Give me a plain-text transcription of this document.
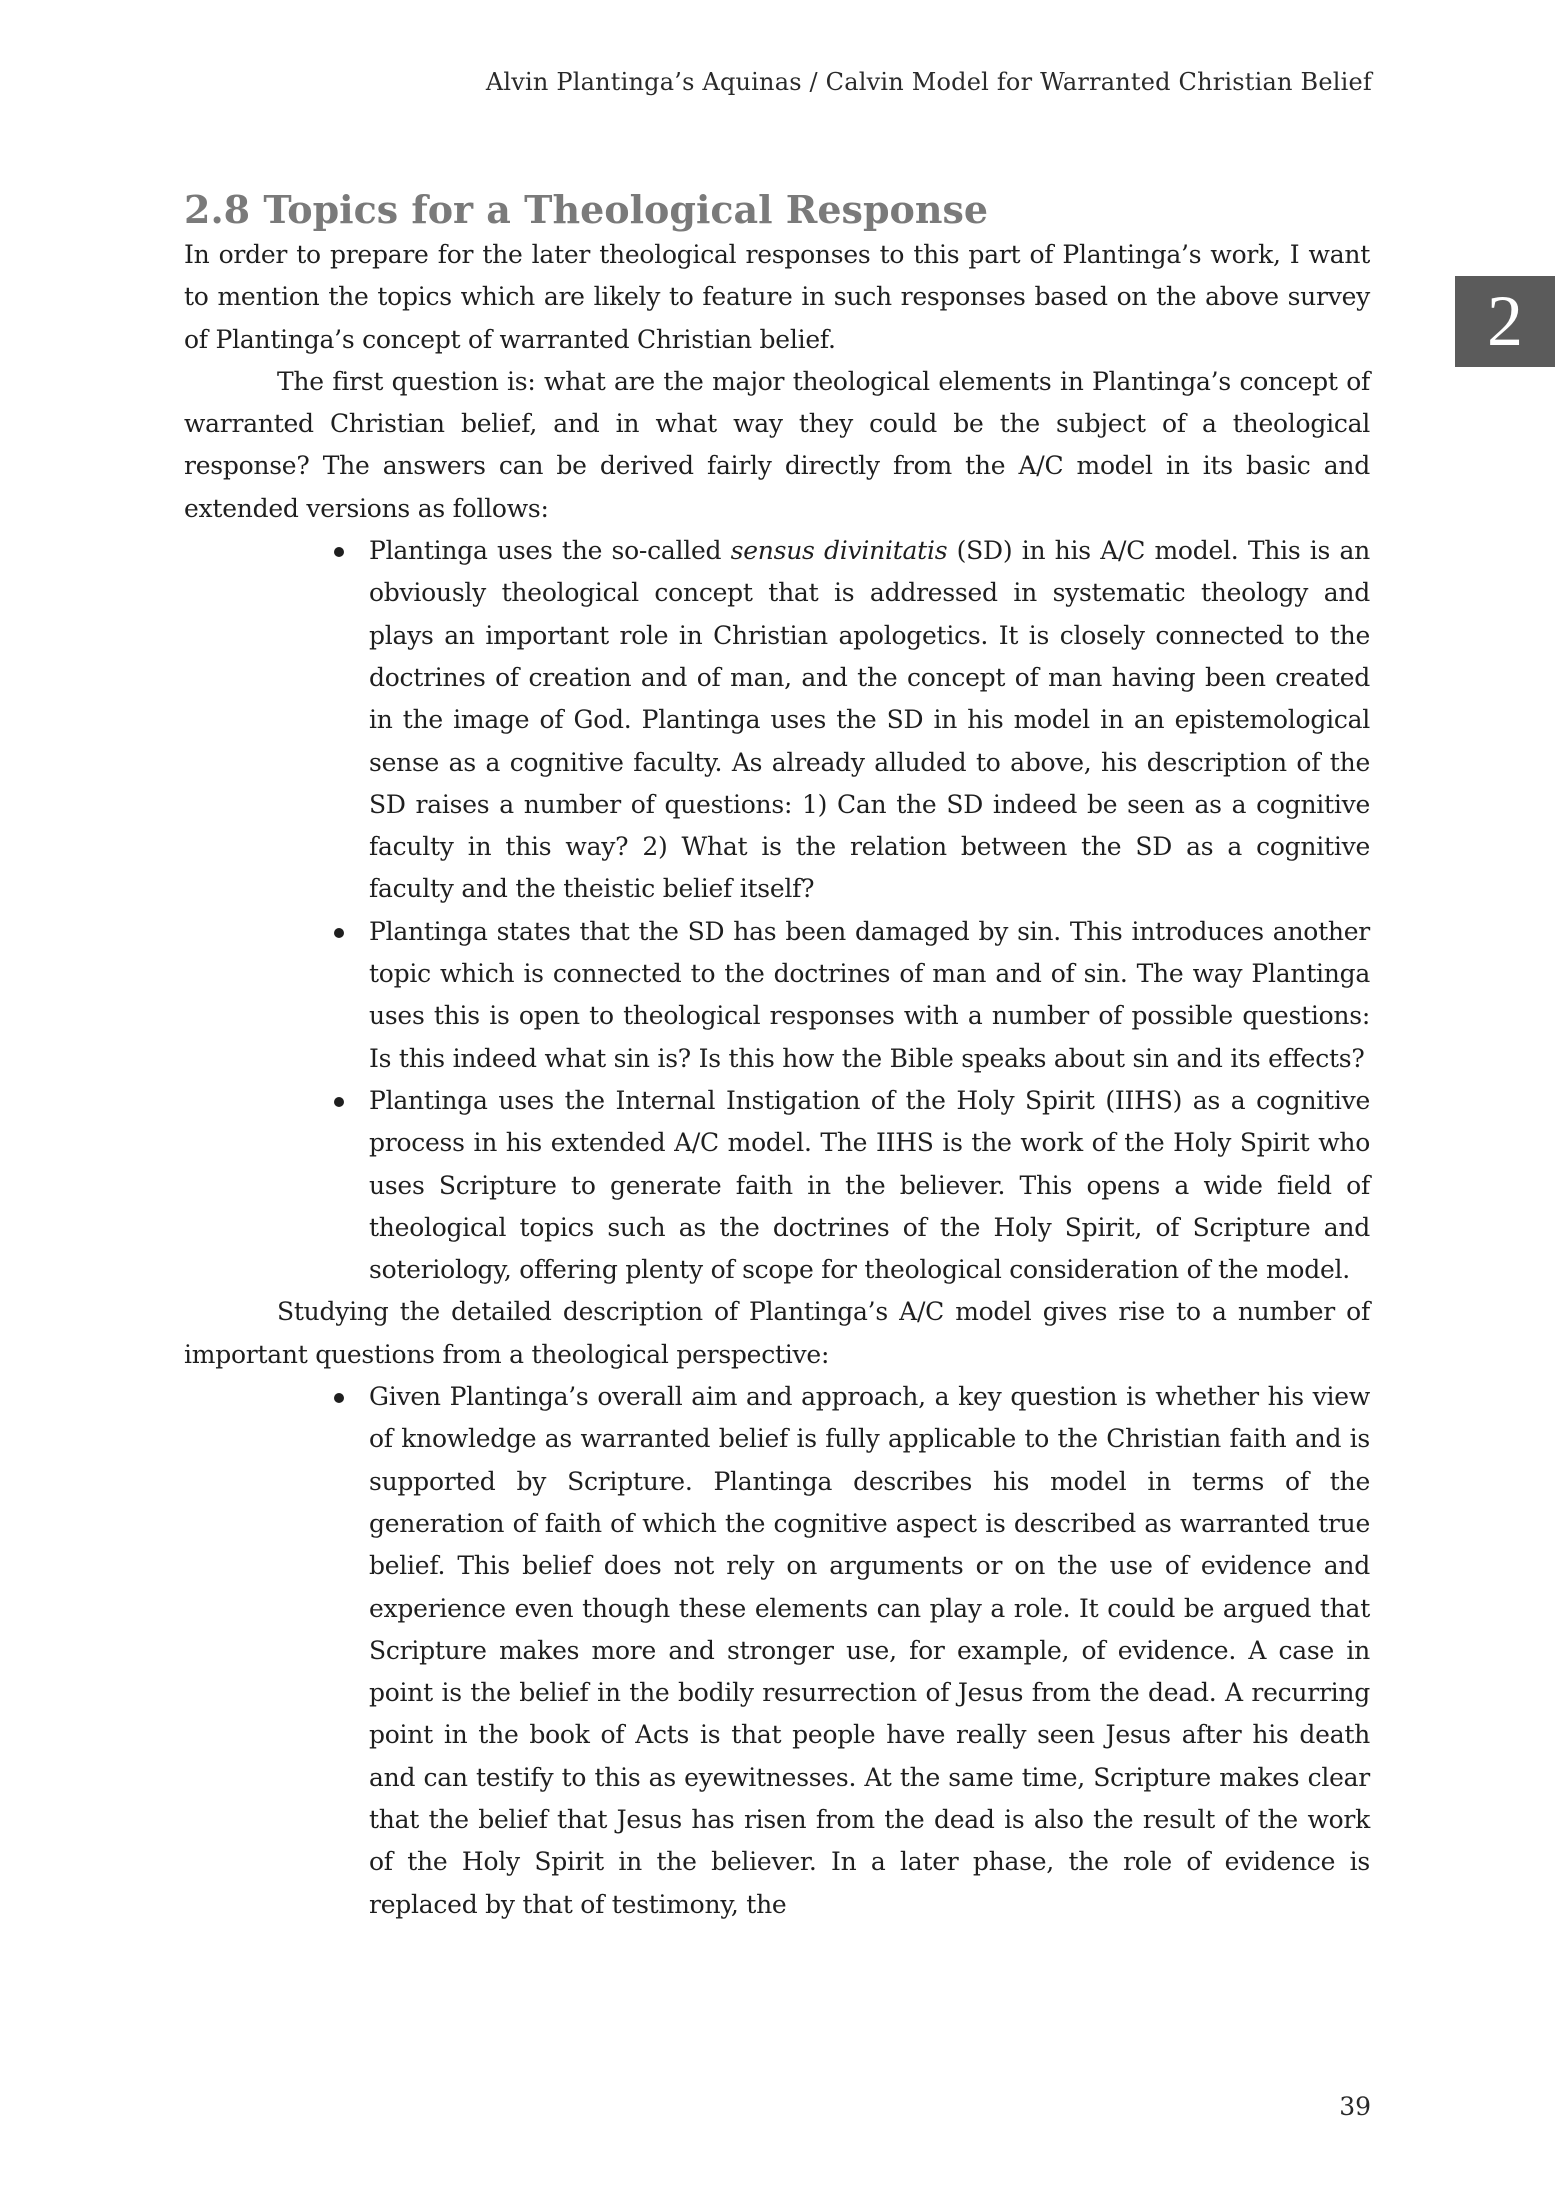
Alvin Plantinga’s Aquinas / Calvin Model for Warranted Christian Belief
2
2.8 Topics for a Theological Response

In order to prepare for the later theological responses to this part of Plantinga’s work, I want to mention the topics which are likely to feature in such responses based on the above survey of Plantinga’s concept of warranted Christian belief.

The first question is: what are the major theological elements in Plantinga’s concept of warranted Christian belief, and in what way they could be the subject of a theological response? The answers can be derived fairly directly from the A/C model in its basic and extended versions as follows:

Plantinga uses the so-called sensus divinitatis (SD) in his A/C model. This is an obviously theological concept that is addressed in systematic theology and plays an important role in Christian apologetics. It is closely connected to the doctrines of creation and of man, and the concept of man having been created in the image of God. Plantinga uses the SD in his model in an epistemological sense as a cognitive faculty. As already alluded to above, his description of the SD raises a number of questions: 1) Can the SD indeed be seen as a cognitive faculty in this way? 2) What is the relation between the SD as a cognitive faculty and the theistic belief itself?
Plantinga states that the SD has been damaged by sin. This introduces another topic which is connected to the doctrines of man and of sin. The way Plantinga uses this is open to theological responses with a number of possible questions: Is this indeed what sin is? Is this how the Bible speaks about sin and its effects?
Plantinga uses the Internal Instigation of the Holy Spirit (IIHS) as a cognitive process in his extended A/C model. The IIHS is the work of the Holy Spirit who uses Scripture to generate faith in the believer. This opens a wide field of theological topics such as the doctrines of the Holy Spirit, of Scripture and soteriology, offering plenty of scope for theological consideration of the model.

Studying the detailed description of Plantinga’s A/C model gives rise to a number of important questions from a theological perspective:

Given Plantinga’s overall aim and approach, a key question is whether his view of knowledge as warranted belief is fully applicable to the Christian faith and is supported by Scripture. Plantinga describes his model in terms of the generation of faith of which the cognitive aspect is described as warranted true belief. This belief does not rely on arguments or on the use of evidence and experience even though these elements can play a role. It could be argued that Scripture makes more and stronger use, for example, of evidence. A case in point is the belief in the bodily resurrection of Jesus from the dead. A recurring point in the book of Acts is that people have really seen Jesus after his death and can testify to this as eyewitnesses. At the same time, Scripture makes clear that the belief that Jesus has risen from the dead is also the result of the work of the Holy Spirit in the believer. In a later phase, the role of evidence is replaced by that of testimony, the
39
